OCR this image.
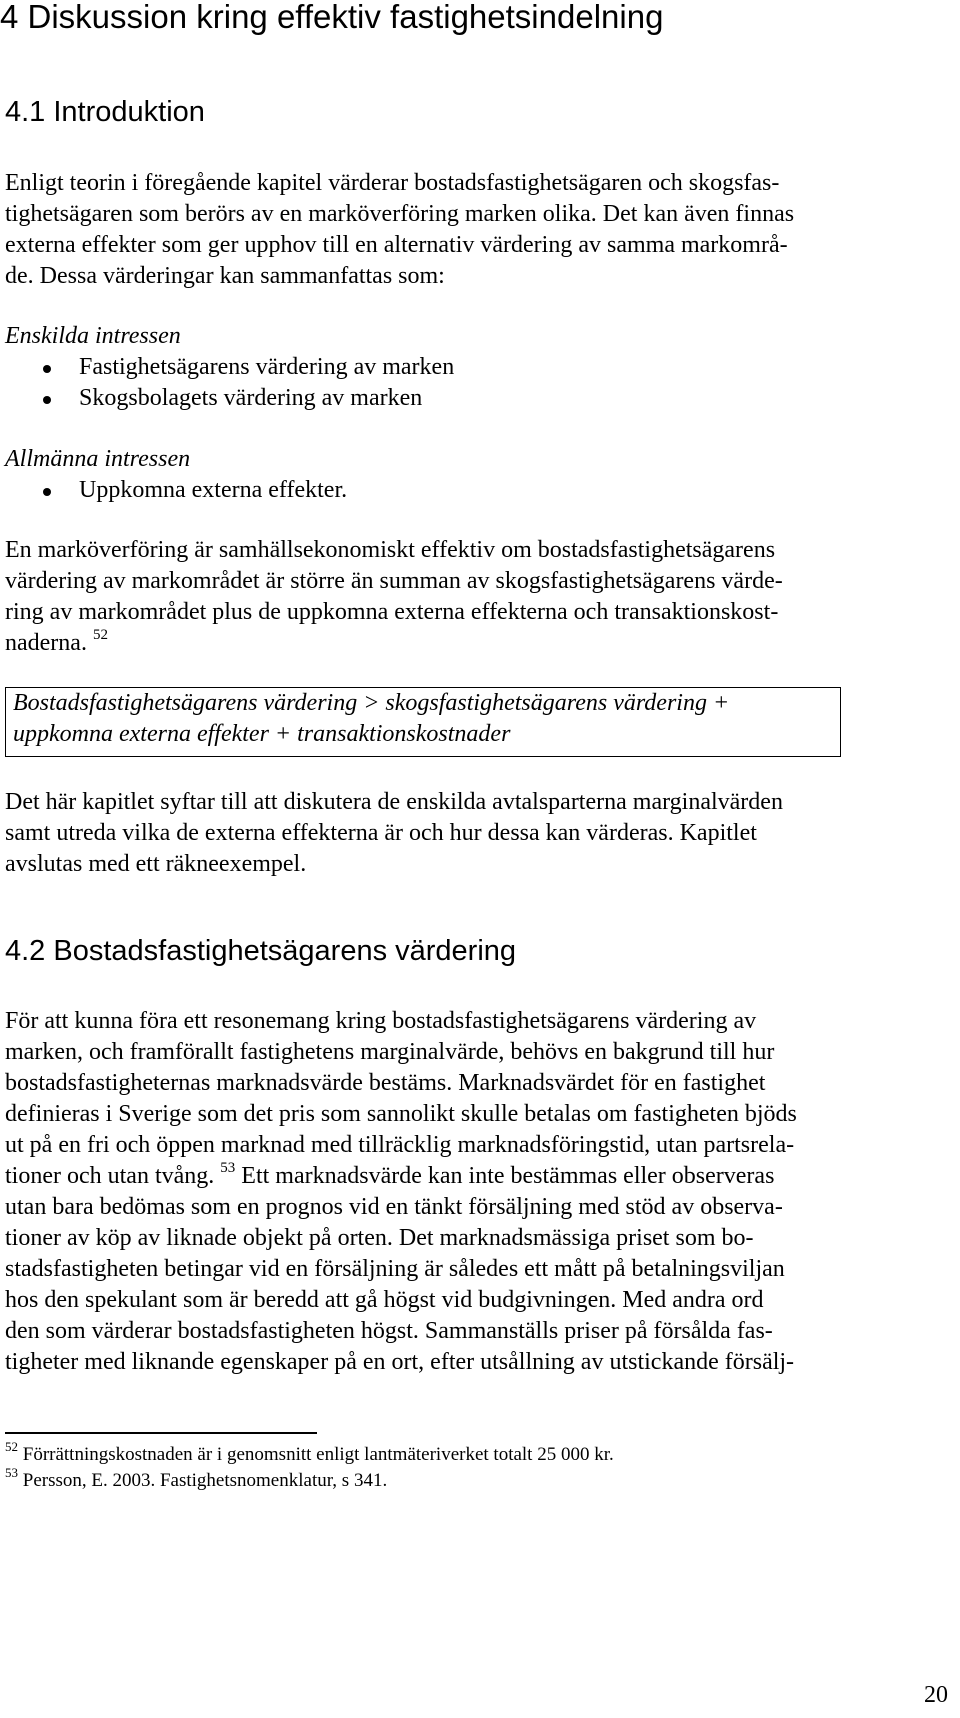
4 Diskussion kring effektiv fastighetsindelning
4.1 Introduktion
Enligt teorin i föregående kapitel värderar bostadsfastighetsägaren och skogsfas-
tighetsägaren som berörs av en marköverföring marken olika. Det kan även finnas
externa effekter som ger upphov till en alternativ värdering av samma markområ-
de. Dessa värderingar kan sammanfattas som:
Enskilda intressen
Fastighetsägarens värdering av marken
Skogsbolagets värdering av marken
Allmänna intressen
Uppkomna externa effekter.
En marköverföring är samhällsekonomiskt effektiv om bostadsfastighetsägarens
värdering av markområdet är större än summan av skogsfastighetsägarens värde-
ring av markområdet plus de uppkomna externa effekterna och transaktionskost-
naderna. $^{52}$
Bostadsfastighetsägarens värdering > skogsfastighetsägarens värdering +
uppkomna externa effekter + transaktionskostnader
Det här kapitlet syftar till att diskutera de enskilda avtalsparterna marginalvärden
samt utreda vilka de externa effekterna är och hur dessa kan värderas. Kapitlet
avslutas med ett räkneexempel.
4.2 Bostadsfastighetsägarens värdering
För att kunna föra ett resonemang kring bostadsfastighetsägarens värdering av
marken, och framförallt fastighetens marginalvärde, behövs en bakgrund till hur
bostadsfastigheternas marknadsvärde bestäms. Marknadsvärdet för en fastighet
definieras i Sverige som det pris som sannolikt skulle betalas om fastigheten bjöds
ut på en fri och öppen marknad med tillräcklig marknadsföringstid, utan partsrela-
tioner och utan tvång. $^{53}$ Ett marknadsvärde kan inte bestämmas eller observeras
utan bara bedömas som en prognos vid en tänkt försäljning med stöd av observa-
tioner av köp av liknade objekt på orten. Det marknadsmässiga priset som bo-
stadsfastigheten betingar vid en försäljning är således ett mått på betalningsviljan
hos den spekulant som är beredd att gå högst vid budgivningen. Med andra ord
den som värderar bostadsfastigheten högst. Sammanställs priser på försålda fas-
tigheter med liknande egenskaper på en ort, efter utsållning av utstickande försälj-
$^{52}$ Förrättningskostnaden är i genomsnitt enligt lantmäteriverket totalt 25 000 kr.
$^{53}$ Persson, E. 2003. Fastighetsnomenklatur, s 341.
20
